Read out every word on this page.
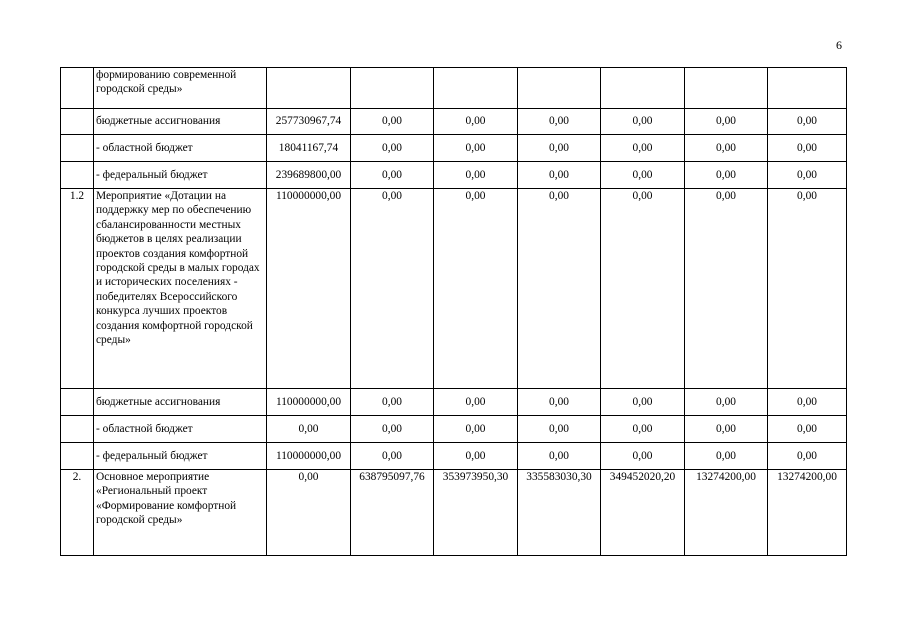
6
	формированию современной городской среды»							
	бюджетные ассигнования	257730967,74	0,00	0,00	0,00	0,00	0,00	0,00
	- областной бюджет	18041167,74	0,00	0,00	0,00	0,00	0,00	0,00
	- федеральный бюджет	239689800,00	0,00	0,00	0,00	0,00	0,00	0,00
1.2	Мероприятие «Дотации на поддержку мер по обеспечению сбалансированности местных бюджетов в целях реализации проектов создания комфортной городской среды в малых городах и исторических поселениях - победителях Всероссийского конкурса лучших проектов создания комфортной городской среды»	110000000,00	0,00	0,00	0,00	0,00	0,00	0,00
	бюджетные ассигнования	110000000,00	0,00	0,00	0,00	0,00	0,00	0,00
	- областной бюджет	0,00	0,00	0,00	0,00	0,00	0,00	0,00
	- федеральный бюджет	110000000,00	0,00	0,00	0,00	0,00	0,00	0,00
2.	Основное мероприятие «Региональный проект «Формирование комфортной городской среды»	0,00	638795097,76	353973950,30	335583030,30	349452020,20	13274200,00	13274200,00
